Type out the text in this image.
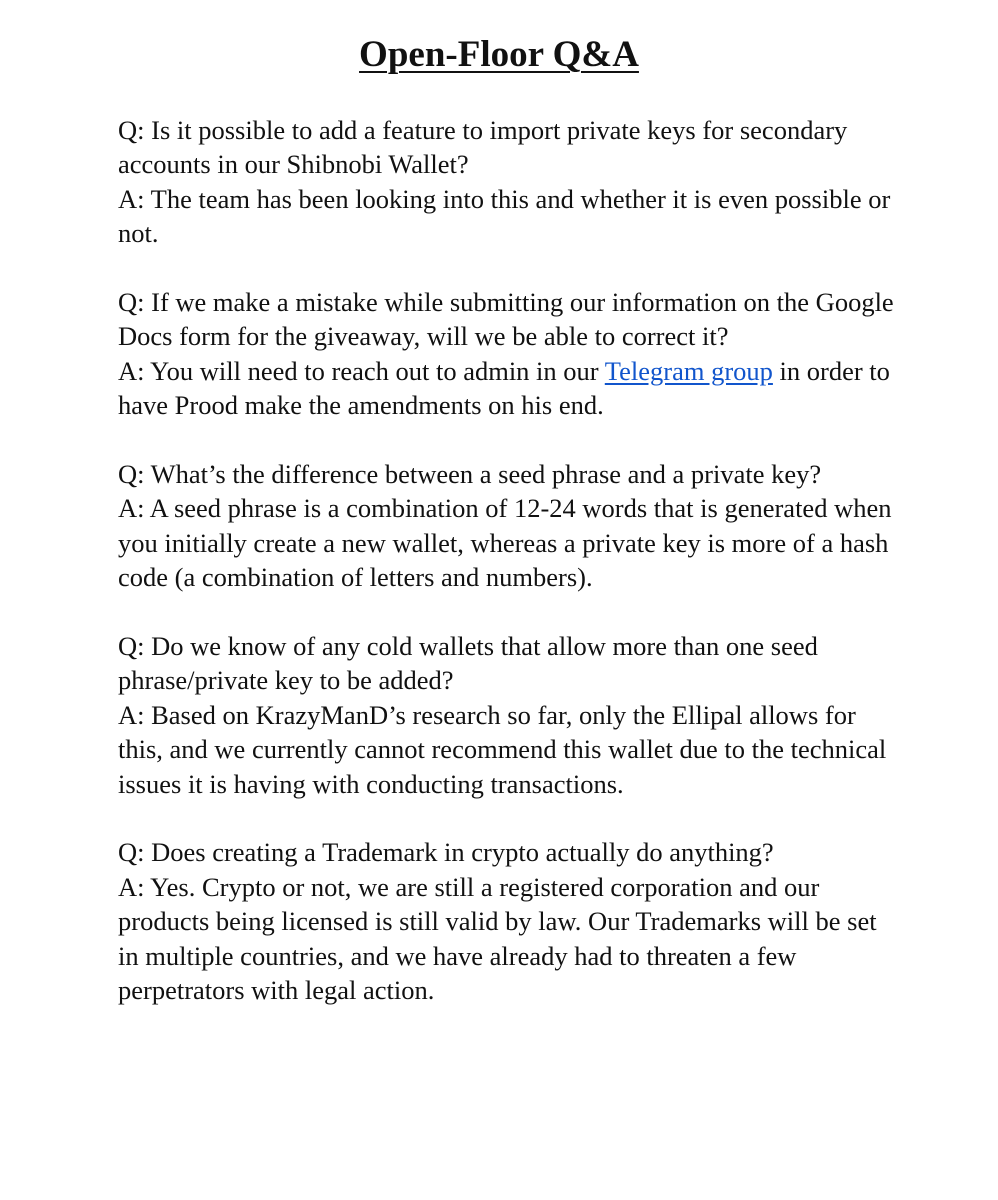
Open-Floor Q&A

Q: Is it possible to add a feature to import private keys for secondary accounts in our Shibnobi Wallet?

A: The team has been looking into this and whether it is even possible or not.

Q: If we make a mistake while submitting our information on the Google Docs form for the giveaway, will we be able to correct it?

A: You will need to reach out to admin in our Telegram group in order to have Prood make the amendments on his end.

Q: What’s the difference between a seed phrase and a private key?

A: A seed phrase is a combination of 12-24 words that is generated when you initially create a new wallet, whereas a private key is more of a hash code (a combination of letters and numbers).

Q: Do we know of any cold wallets that allow more than one seed phrase/private key to be added?

A: Based on KrazyManD’s research so far, only the Ellipal allows for this, and we currently cannot recommend this wallet due to the technical issues it is having with conducting transactions.

Q: Does creating a Trademark in crypto actually do anything?

A: Yes. Crypto or not, we are still a registered corporation and our products being licensed is still valid by law. Our Trademarks will be set in multiple countries, and we have already had to threaten a few perpetrators with legal action.
